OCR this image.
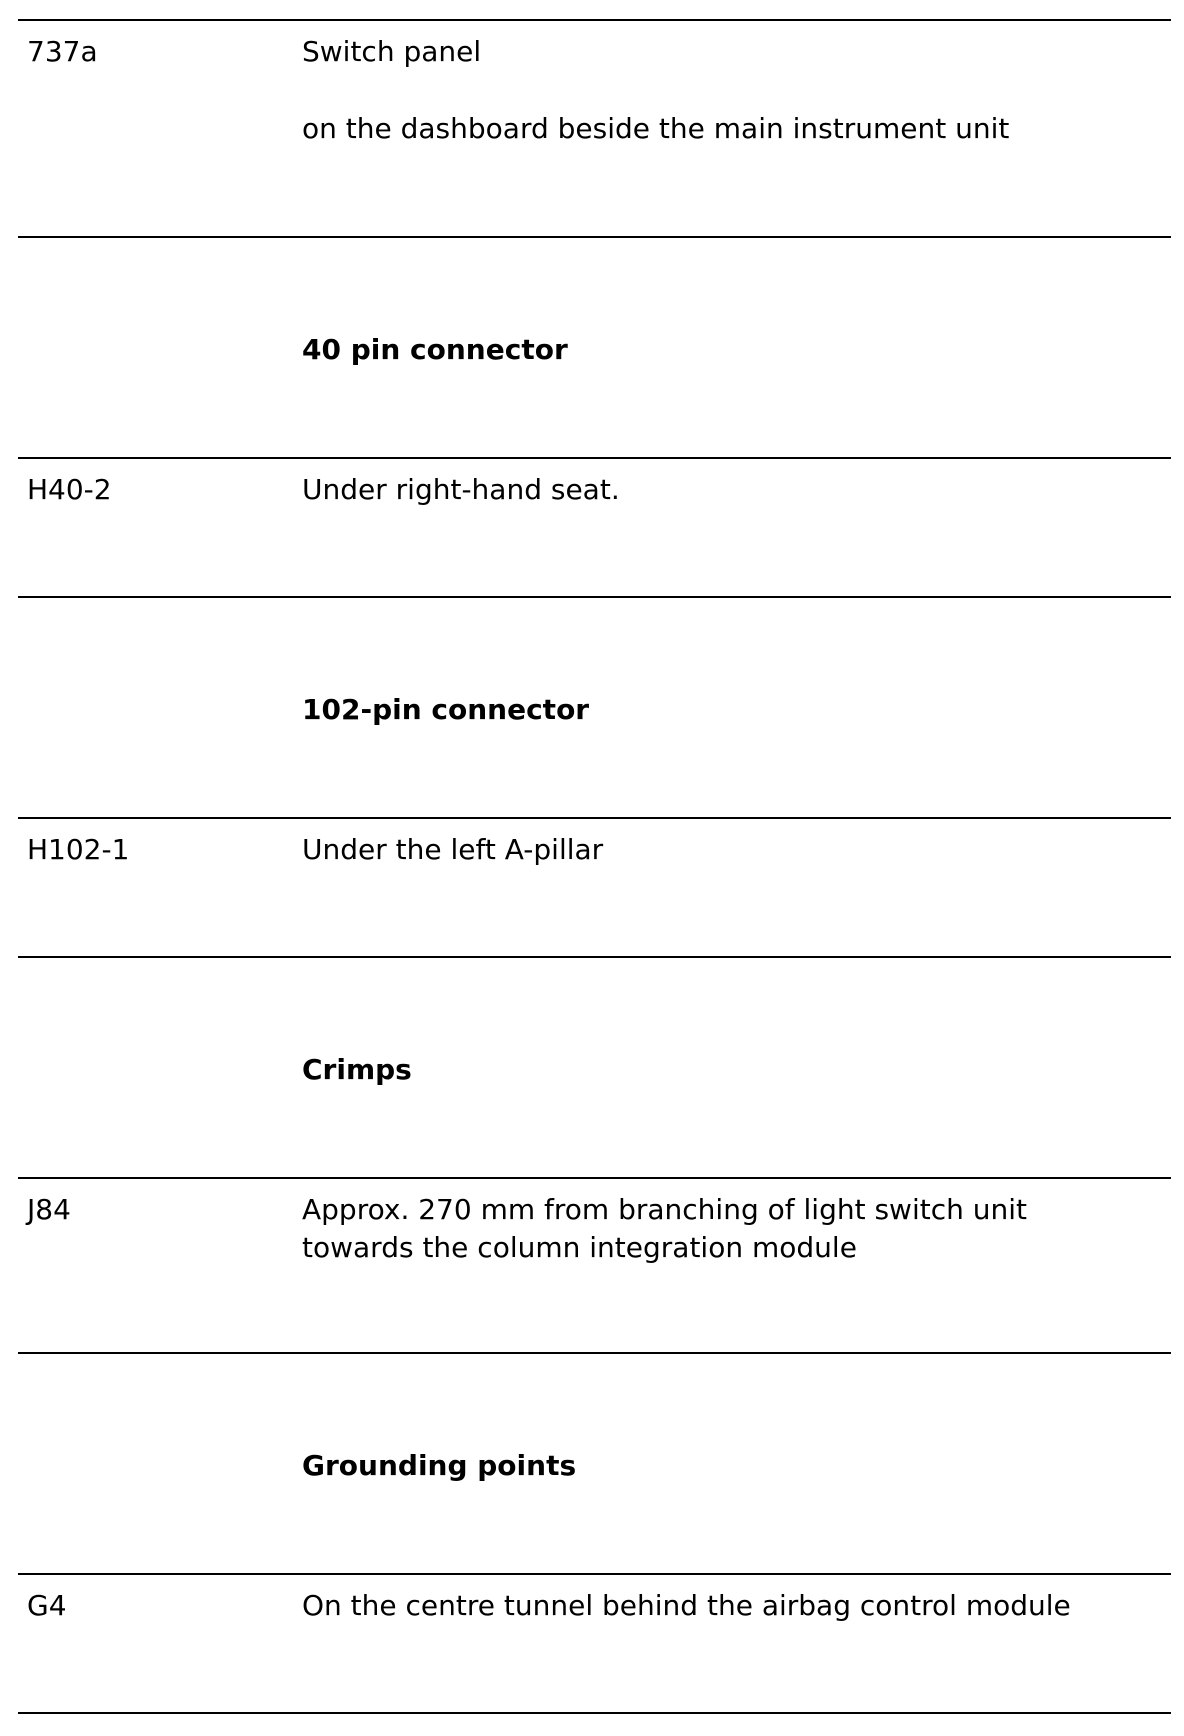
737a	Switch panel
on the dashboard beside the main instrument unit
40 pin connector
H40-2	Under right-hand seat.
102-pin connector
H102-1	Under the left A-pillar
Crimps
J84	Approx. 270 mm from branching of light switch unit
towards the column integration module
Grounding points
G4	On the centre tunnel behind the airbag control module
